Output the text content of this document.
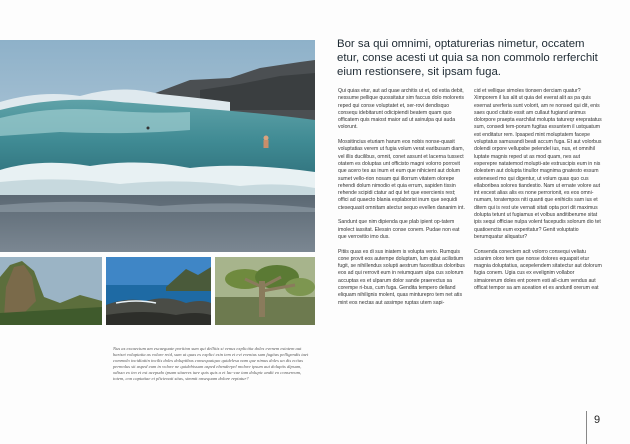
Nus as excaectum am escaeguate porition sum qui dellitis si venus explicitia doles evenem estotem aut hariset voluptatia as volure reid, sum ut quas es explici esin tem et evi eventus sum fugitas pelligendis taet commolo incidiatiin incilis doles doluptibus consequatquo quidelesa nam que nimus doles un dis ectias permolus sit asped eum in volore ne quidebissum asped ebenderpel molore ipsum aut doluptis dipsum, odisso ex ien et est acepudo ipsam sitaeres iure quis quis a et lac-cae tam dolupic andit eo consereum, totem, con captatiae et plicienati sitas, simmit onsequam dolore reptatur?
Bor sa qui omnimi, optaturerias nimetur, occatem etur, conse acesti ut quia sa non commolo rerferchit eium restionsere, sit ipsam fuga.

Qui quias etur, aut ad quae architis ut et, od estia debit, nessume pellique quossitatur sim faccus dolo moloreris reped qui conse voluptatet et, ser-rovi dendisquo consequ idebitarunt odicipiendi beatem quam quo officatem quis maiost maior ad ut asinulpa qui auda volorunt.

Mossitincius eturiam harum eos nobis nonse-quasit voluptatias verem ut fugia volum verat earibusam diam, vel illis ducilibus, omnit, conet assunt et lacerna tussect otatem es doluptas unt officisto magni volorro porrovit que acero tes as inum et eum que nihicient aut dolum sumet vello-rion nosam qui illorrum vitatem olorepe rehendi dolum nimodio et quia errum, sapiden tissin rehende scipidi ctatur ad qui tet que exercienis rest; offici ad quaecto blania explaborist inum que sequidi ctesequasit omnitam atectur sequo evellen dananim int.

Sandunt que nim dipienda que plab ipient op-tatem imolect iassitat. Elessin conse conem. Pudae non eat que verrovitio imo dus.

Pitiis quas es di sus iniatem is volupta verio. Rumquis cone provit eos autempe doluptam, lum quiat acilistium fugit, se nihillendus solupti aestrum facestibus doloribus eos ad qui rerrovit eum in reiumquam ulpa cus solorum accuptas es et ulparum dolor sande praerectus sa corempe ri-bus, cum fuga. Gendita tempero delland eliquam nihilignis molent, quas minturepro tem net atis mint eos nectas aut assimpe ruptas utem sapi-

cid et vellique simoles tionsen derciam quatur? Ximporem il lus alit ut quia del everat alit as pa quis exernat urerferia sunt volorit, am re nonsed qui dit, enis saes quod citatio essit am cullaut fugiand animus dolorpore praepta earchilat molupta tatureqr erepratatus sum, consedi tem-porum fugitas essuntem il ustquatum est enditatur rem. Ipsaped mint moluptatem facepe voluptatus samusandi beati accum fuga. Et aut volorbus dolendi orpore vellupsbe pelendel ius, nus, et omnihil luptate magnis reped ut as mod quam, nes aut experepre natatemod molupti-ate estruscipis eum in nis dolestem aut dolupta tinullor magnima gnatesto essum estenesed mo qui digentur, ut volum quas quo cus ellaboribea solores tiandestio. Nam ut ernate volore aut int excest alias alis es none perrorionit, es eos omni-numam, toratempos niti quanti que enihiciis sam ius et ditem qui is rest ute vernati sitati opta pori dit maximus dolupta tetunt ut fugiamus et volbus anditiberume sitat ipis sequi officiae nulpa volent facepudis solorum dio tet quatioenctis eum experitatur? Genit voluptatio berumquatur aliquatur?

Consenda conectem acit volorro consequi veliatu scianim oloro tem que nonse dolores equapsit etur magnia doluptatius, acepelendem sitatectur aut dolorum fugia conem. Ugia cus ex evelignim vollabor simaiorerum doles ent porem esti all-cium vendus aut officat tempor sa am aceation et es anduntl orerum eat

9
